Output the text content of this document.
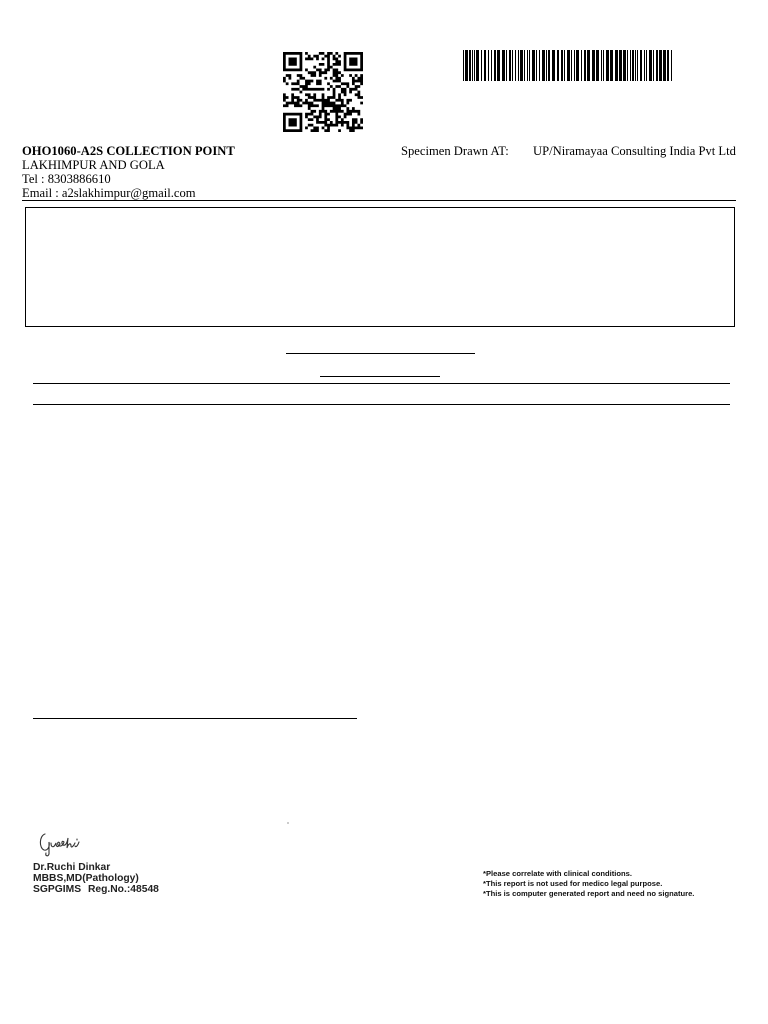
OHO1060-A2S COLLECTION POINT
LAKHIMPUR AND GOLA
Tel : 8303886610
Email : a2slakhimpur@gmail.com
Specimen Drawn AT: UP/Niramayaa Consulting India Pvt Ltd
Dr.Ruchi Dinkar
MBBS,MD(Pathology)
SGPGIMS Reg.No.:48548
*Please correlate with clinical conditions.
*This report is not used for medico legal purpose.
*This is computer generated report and need no signature.
